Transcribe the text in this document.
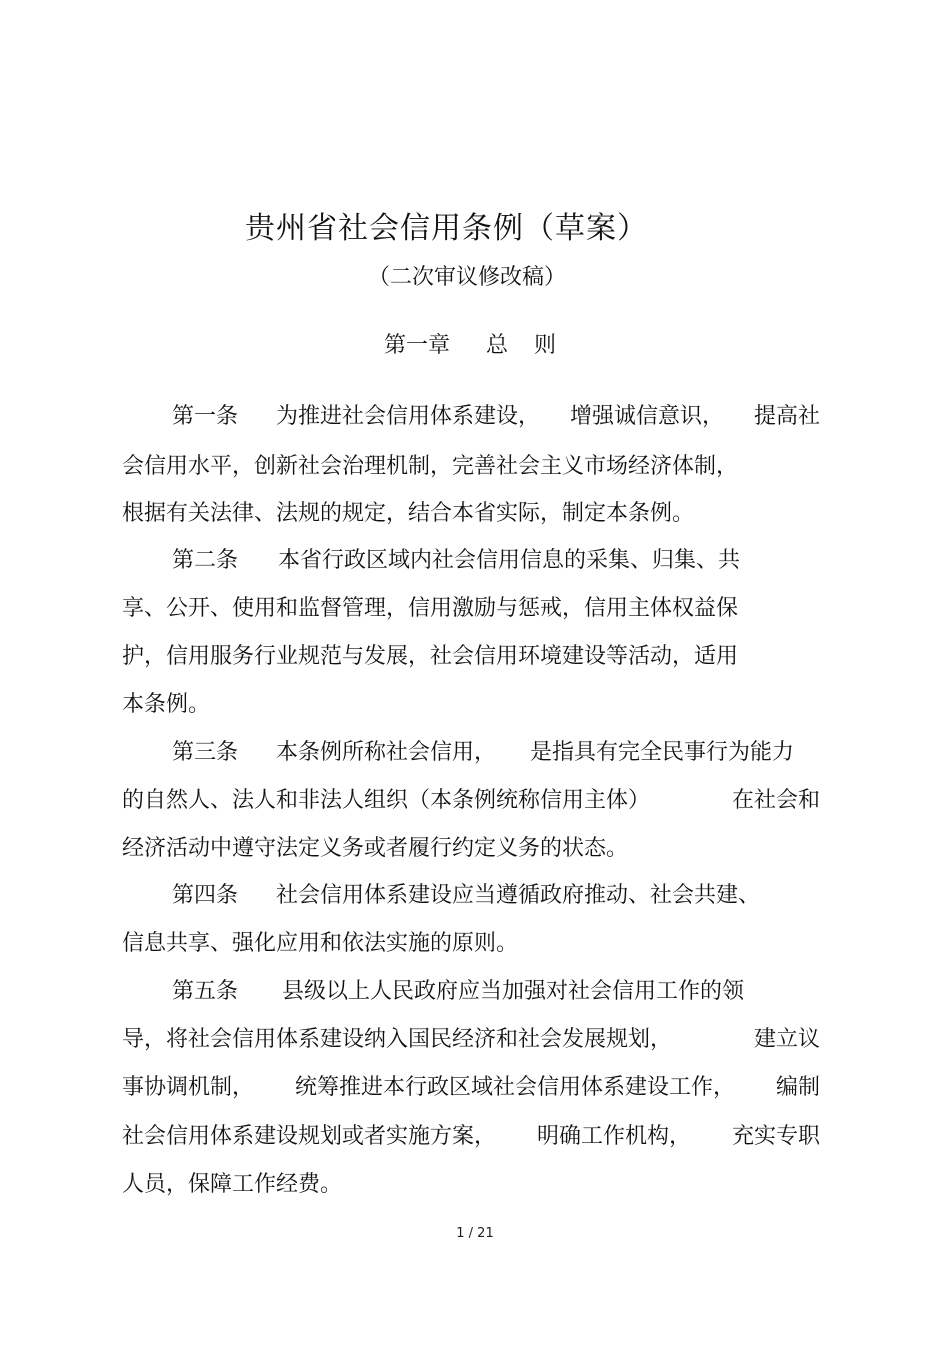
贵州省社会信用条例（草案）
（二次审议修改稿）
第一章 总 则
第一条 为推进社会信用体系建设， 增强诚信意识， 提高社
会信用水平，创新社会治理机制，完善社会主义市场经济体制，
根据有关法律、法规的规定，结合本省实际，制定本条例。
第二条 本省行政区域内社会信用信息的采集、归集、共
享、公开、使用和监督管理，信用激励与惩戒，信用主体权益保
护，信用服务行业规范与发展，社会信用环境建设等活动，适用
本条例。
第三条 本条例所称社会信用， 是指具有完全民事行为能力
的自然人、法人和非法人组织（本条例统称信用主体）	在社会和
经济活动中遵守法定义务或者履行约定义务的状态。
第四条 社会信用体系建设应当遵循政府推动、社会共建、
信息共享、强化应用和依法实施的原则。
第五条 县级以上人民政府应当加强对社会信用工作的领
导，将社会信用体系建设纳入国民经济和社会发展规划，	建立议
事协调机制， 统筹推进本行政区域社会信用体系建设工作， 编制
社会信用体系建设规划或者实施方案， 明确工作机构， 充实专职
人员，保障工作经费。
1 / 21
